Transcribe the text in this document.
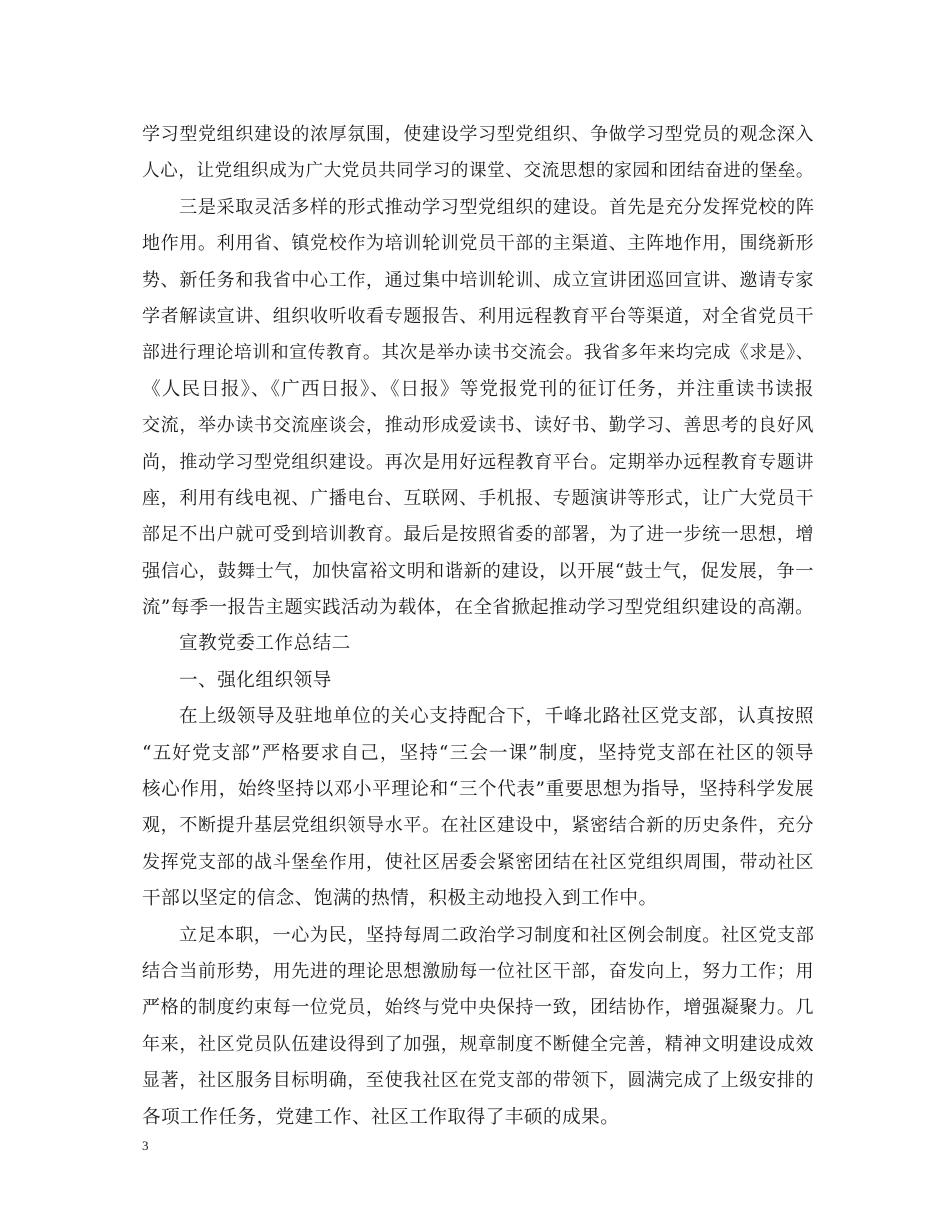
学习型党组织建设的浓厚氛围，使建设学习型党组织、争做学习型党员的观念深入
人心，让党组织成为广大党员共同学习的课堂、交流思想的家园和团结奋进的堡垒。
三是采取灵活多样的形式推动学习型党组织的建设。首先是充分发挥党校的阵
地作用。利用省、镇党校作为培训轮训党员干部的主渠道、主阵地作用，围绕新形
势、新任务和我省中心工作，通过集中培训轮训、成立宣讲团巡回宣讲、邀请专家
学者解读宣讲、组织收听收看专题报告、利用远程教育平台等渠道，对全省党员干
部进行理论培训和宣传教育。其次是举办读书交流会。我省多年来均完成《求是》、
《人民日报》、《广西日报》、《日报》等党报党刊的征订任务，并注重读书读报
交流，举办读书交流座谈会，推动形成爱读书、读好书、勤学习、善思考的良好风
尚，推动学习型党组织建设。再次是用好远程教育平台。定期举办远程教育专题讲
座，利用有线电视、广播电台、互联网、手机报、专题演讲等形式，让广大党员干
部足不出户就可受到培训教育。最后是按照省委的部署，为了进一步统一思想，增
强信心，鼓舞士气，加快富裕文明和谐新的建设，以开展“鼓士气，促发展，争一
流”每季一报告主题实践活动为载体，在全省掀起推动学习型党组织建设的高潮。
宣教党委工作总结二
一、强化组织领导
在上级领导及驻地单位的关心支持配合下，千峰北路社区党支部，认真按照
“五好党支部”严格要求自己，坚持“三会一课”制度，坚持党支部在社区的领导
核心作用，始终坚持以邓小平理论和“三个代表”重要思想为指导，坚持科学发展
观，不断提升基层党组织领导水平。在社区建设中，紧密结合新的历史条件，充分
发挥党支部的战斗堡垒作用，使社区居委会紧密团结在社区党组织周围，带动社区
干部以坚定的信念、饱满的热情，积极主动地投入到工作中。
立足本职，一心为民，坚持每周二政治学习制度和社区例会制度。社区党支部
结合当前形势，用先进的理论思想激励每一位社区干部，奋发向上，努力工作；用
严格的制度约束每一位党员，始终与党中央保持一致，团结协作，增强凝聚力。几
年来，社区党员队伍建设得到了加强，规章制度不断健全完善，精神文明建设成效
显著，社区服务目标明确，至使我社区在党支部的带领下，圆满完成了上级安排的
各项工作任务，党建工作、社区工作取得了丰硕的成果。
3
